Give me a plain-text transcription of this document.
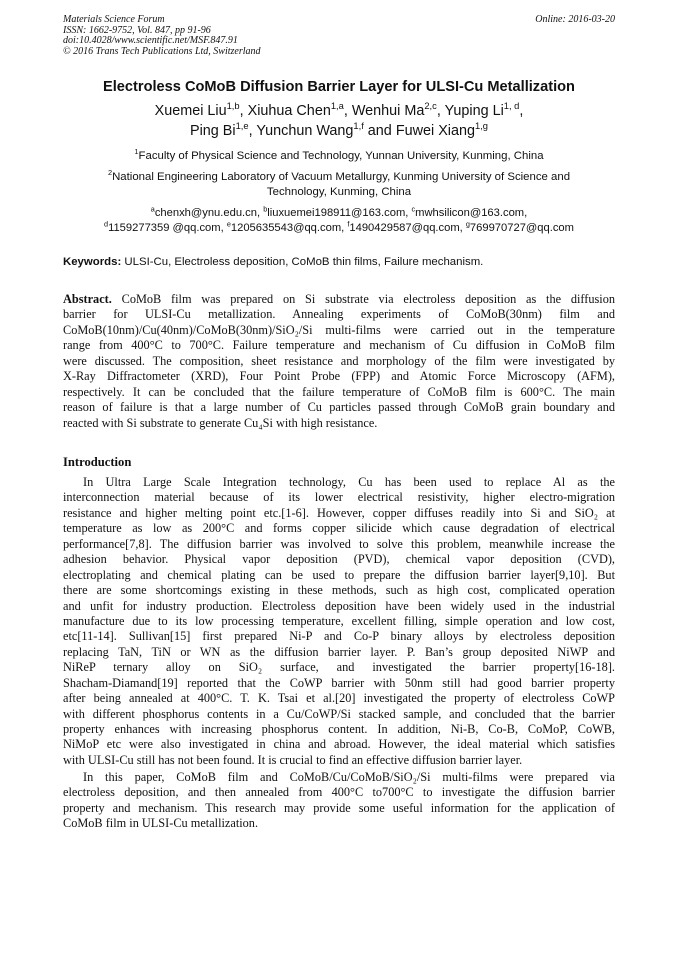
Materials Science Forum	Online: 2016-03-20
ISSN: 1662-9752, Vol. 847, pp 91-96
doi:10.4028/www.scientific.net/MSF.847.91
© 2016 Trans Tech Publications Ltd, Switzerland
Electroless CoMoB Diffusion Barrier Layer for ULSI-Cu Metallization
Xuemei Liu$^{1,b}$, Xiuhua Chen$^{1,a}$, Wenhui Ma$^{2,c}$, Yuping Li$^{1, d}$,
Ping Bi$^{1,e}$, Yunchun Wang$^{1,f}$ and Fuwei Xiang$^{1,g}$
$^1$Faculty of Physical Science and Technology, Yunnan University, Kunming, China
$^2$National Engineering Laboratory of Vacuum Metallurgy, Kunming University of Science and
Technology, Kunming, China
$^a$chenxh@ynu.edu.cn, $^b$liuxuemei198911@163.com, $^c$mwhsilicon@163.com,
$^d$1159277359 @qq.com, $^e$1205635543@qq.com, $^f$1490429587@qq.com, $^g$769970727@qq.com
Keywords: ULSI-Cu, Electroless deposition, CoMoB thin films, Failure mechanism.
Abstract. CoMoB film was prepared on Si substrate via electroless deposition as the diffusion
barrier for ULSI-Cu metallization. Annealing experiments of CoMoB(30nm) film and
CoMoB(10nm)/Cu(40nm)/CoMoB(30nm)/SiO₂/Si multi-films were carried out in the temperature
range from 400°C to 700°C. Failure temperature and mechanism of Cu diffusion in CoMoB film
were discussed. The composition, sheet resistance and morphology of the film were investigated by
X-Ray Diffractometer (XRD), Four Point Probe (FPP) and Atomic Force Microscopy (AFM),
respectively. It can be concluded that the failure temperature of CoMoB film is 600°C. The main
reason of failure is that a large number of Cu particles passed through CoMoB grain boundary and
reacted with Si substrate to generate Cu₄Si with high resistance.
Introduction
In Ultra Large Scale Integration technology, Cu has been used to replace Al as the
interconnection material because of its lower electrical resistivity, higher electro-migration
resistance and higher melting point etc.[1-6]. However, copper diffuses readily into Si and SiO₂ at
temperature as low as 200°C and forms copper silicide which cause degradation of electrical
performance[7,8]. The diffusion barrier was involved to solve this problem, meanwhile increase the
adhesion behavior. Physical vapor deposition (PVD), chemical vapor deposition (CVD),
electroplating and chemical plating can be used to prepare the diffusion barrier layer[9,10]. But
there are some shortcomings existing in these methods, such as high cost, complicated operation
and unfit for industry production. Electroless deposition have been widely used in the industrial
manufacture due to its low processing temperature, excellent filling, simple operation and low cost,
etc[11-14]. Sullivan[15] first prepared Ni-P and Co-P binary alloys by electroless deposition
replacing TaN, TiN or WN as the diffusion barrier layer. P. Ban’s group deposited NiWP and
NiReP ternary alloy on SiO₂ surface, and investigated the barrier property[16-18].
Shacham-Diamand[19] reported that the CoWP barrier with 50nm still had good barrier property
after being annealed at 400°C. T. K. Tsai et al.[20] investigated the property of electroless CoWP
with different phosphorus contents in a Cu/CoWP/Si stacked sample, and concluded that the barrier
property enhances with increasing phosphorus content. In addition, Ni-B, Co-B, CoMoP, CoWB,
NiMoP etc were also investigated in china and abroad. However, the ideal material which satisfies
with ULSI-Cu still has not been found. It is crucial to find an effective diffusion barrier layer.
In this paper, CoMoB film and CoMoB/Cu/CoMoB/SiO₂/Si multi-films were prepared via
electroless deposition, and then annealed from 400°C to700°C to investigate the diffusion barrier
property and mechanism. This research may provide some useful information for the application of
CoMoB film in ULSI-Cu metallization.
